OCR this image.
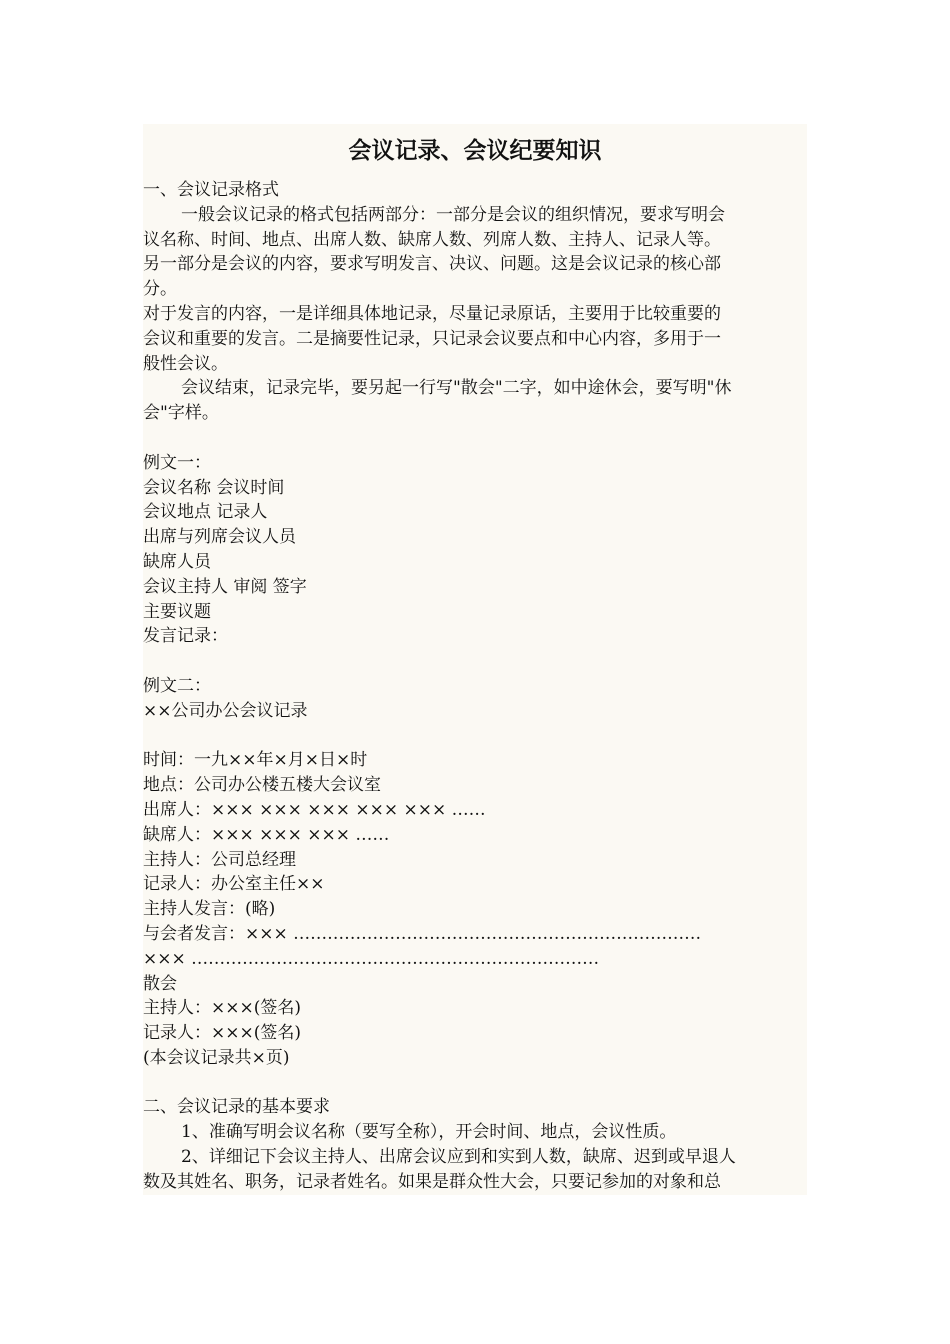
会议记录、会议纪要知识
一、会议记录格式
一般会议记录的格式包括两部分：一部分是会议的组织情况，要求写明会
议名称、时间、地点、出席人数、缺席人数、列席人数、主持人、记录人等。
另一部分是会议的内容，要求写明发言、决议、问题。这是会议记录的核心部
分。
对于发言的内容，一是详细具体地记录，尽量记录原话，主要用于比较重要的
会议和重要的发言。二是摘要性记录，只记录会议要点和中心内容，多用于一
般性会议。
会议结束，记录完毕，要另起一行写"散会"二字，如中途休会，要写明"休
会"字样。
例文一：
会议名称 会议时间
会议地点 记录人
出席与列席会议人员
缺席人员
会议主持人 审阅 签字
主要议题
发言记录：
例文二：
××公司办公会议记录
时间：一九××年×月×日×时
地点：公司办公楼五楼大会议室
出席人：××× ××× ××× ××× ××× ……
缺席人：××× ××× ××× ……
主持人：公司总经理
记录人：办公室主任××
主持人发言：(略)
与会者发言：××× ………………………………………………………………
××× ………………………………………………………………
散会
主持人：×××(签名)
记录人：×××(签名)
(本会议记录共×页)
二、会议记录的基本要求
1、准确写明会议名称（要写全称），开会时间、地点，会议性质。
2、详细记下会议主持人、出席会议应到和实到人数，缺席、迟到或早退人
数及其姓名、职务，记录者姓名。如果是群众性大会，只要记参加的对象和总
